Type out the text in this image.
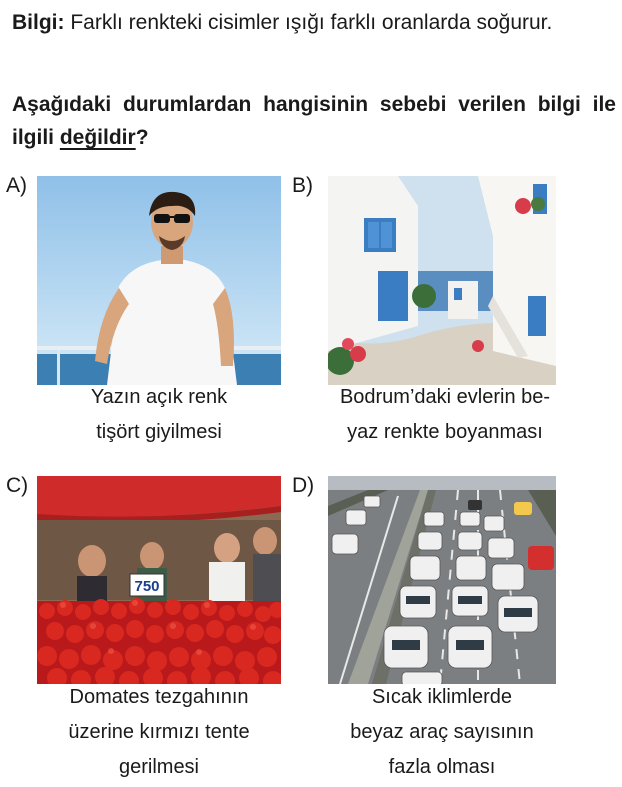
Bilgi: Farklı renkteki cisimler ışığı farklı oranlarda soğurur.
Aşağıdaki durumlardan hangisinin sebebi verilen bilgi ile ilgili değildir?
A)
Yazın açık renk
tişört giyilmesi
B)
Bodrum’daki evlerin be-
yaz renkte boyanması
C)
750
Domates tezgahının
üzerine kırmızı tente
gerilmesi
D)
Sıcak iklimlerde
beyaz araç sayısının
fazla olması
